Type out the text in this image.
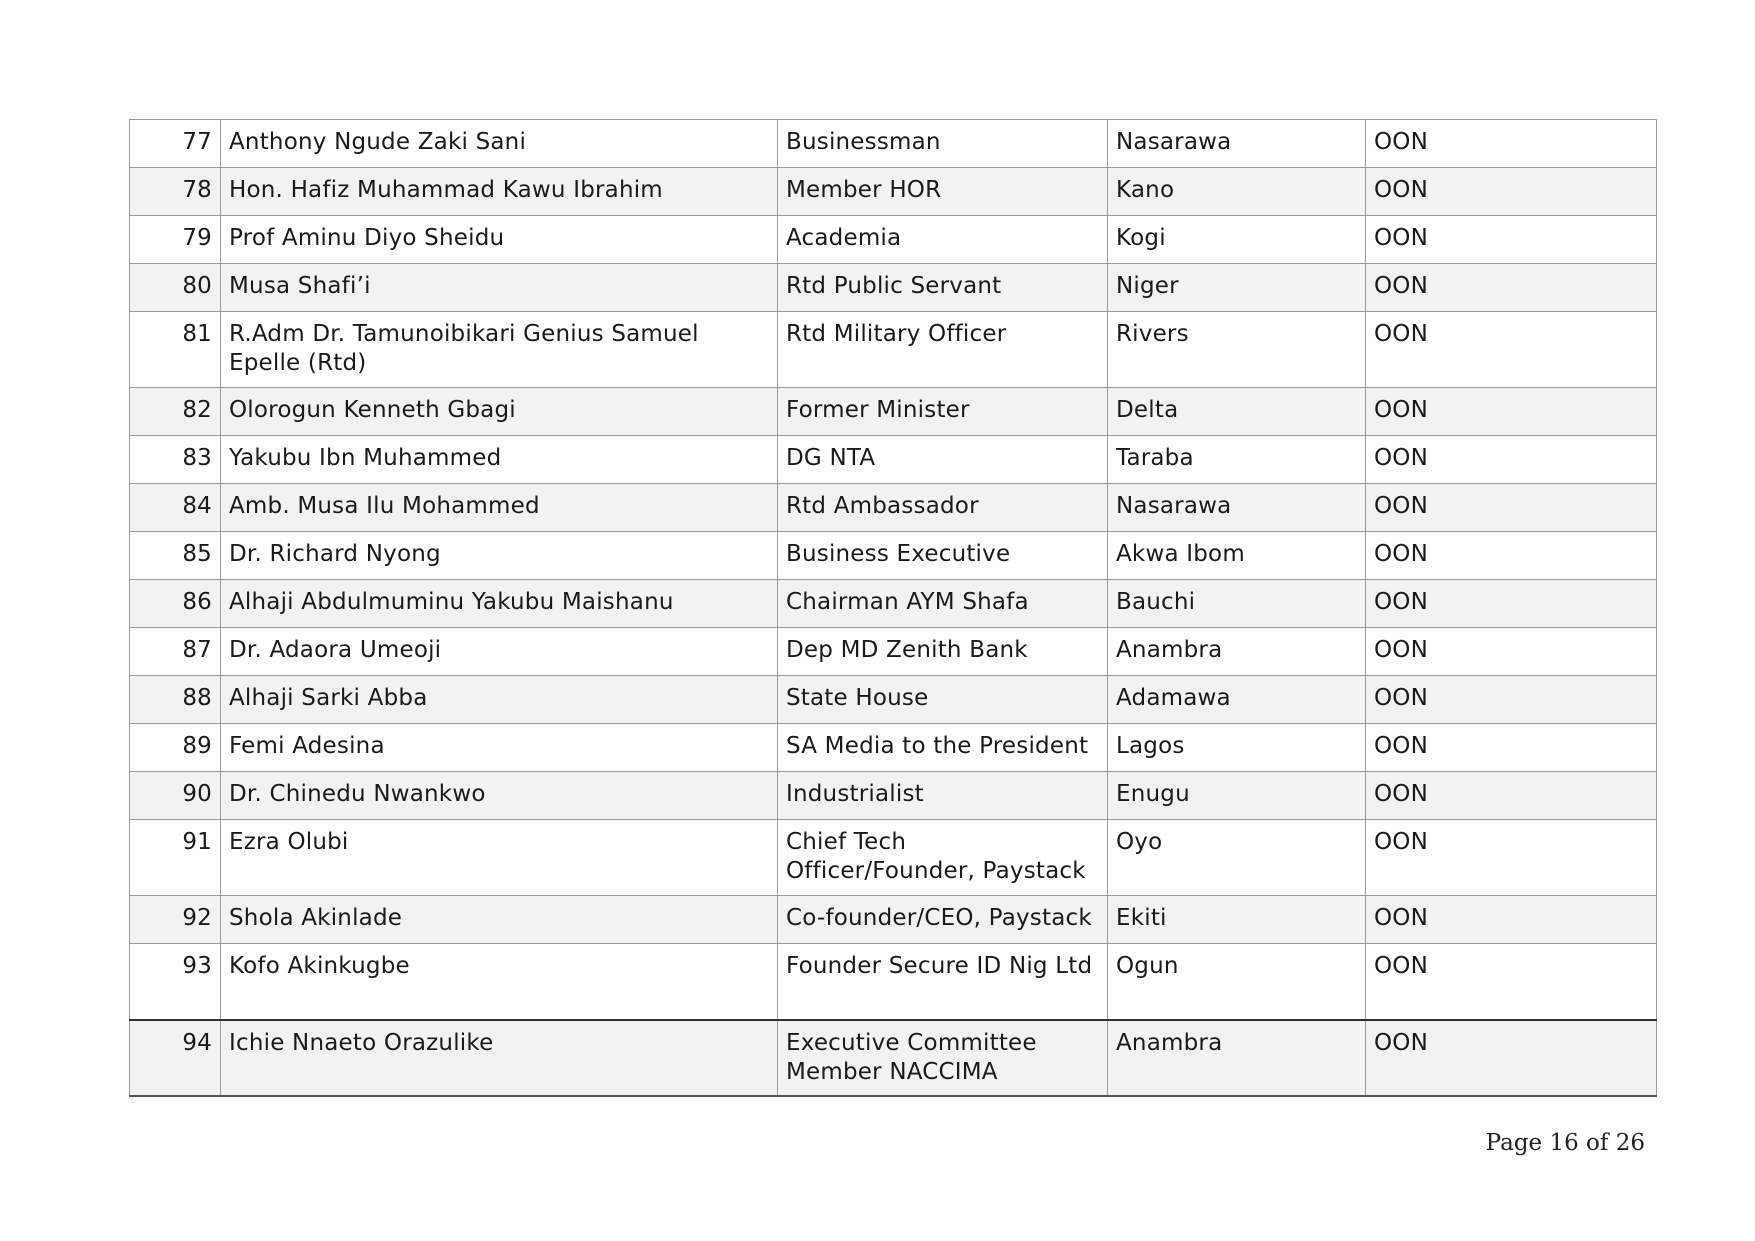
77	Anthony Ngude Zaki Sani	Businessman	Nasarawa	OON
78	Hon. Hafiz Muhammad Kawu Ibrahim	Member HOR	Kano	OON
79	Prof Aminu Diyo Sheidu	Academia	Kogi	OON
80	Musa Shafi’i	Rtd Public Servant	Niger	OON
81	R.Adm Dr. Tamunoibikari Genius Samuel Epelle (Rtd)	Rtd Military Officer	Rivers	OON
82	Olorogun Kenneth Gbagi	Former Minister	Delta	OON
83	Yakubu Ibn Muhammed	DG NTA	Taraba	OON
84	Amb. Musa Ilu Mohammed	Rtd Ambassador	Nasarawa	OON
85	Dr. Richard Nyong	Business Executive	Akwa Ibom	OON
86	Alhaji Abdulmuminu Yakubu Maishanu	Chairman AYM Shafa	Bauchi	OON
87	Dr. Adaora Umeoji	Dep MD Zenith Bank	Anambra	OON
88	Alhaji Sarki Abba	State House	Adamawa	OON
89	Femi Adesina	SA Media to the President	Lagos	OON
90	Dr. Chinedu Nwankwo	Industrialist	Enugu	OON
91	Ezra Olubi	Chief Tech Officer/Founder, Paystack	Oyo	OON
92	Shola Akinlade	Co-founder/CEO, Paystack	Ekiti	OON
93	Kofo Akinkugbe	Founder Secure ID Nig Ltd	Ogun	OON
94	Ichie Nnaeto Orazulike	Executive Committee Member NACCIMA	Anambra	OON
Page 16 of 26
